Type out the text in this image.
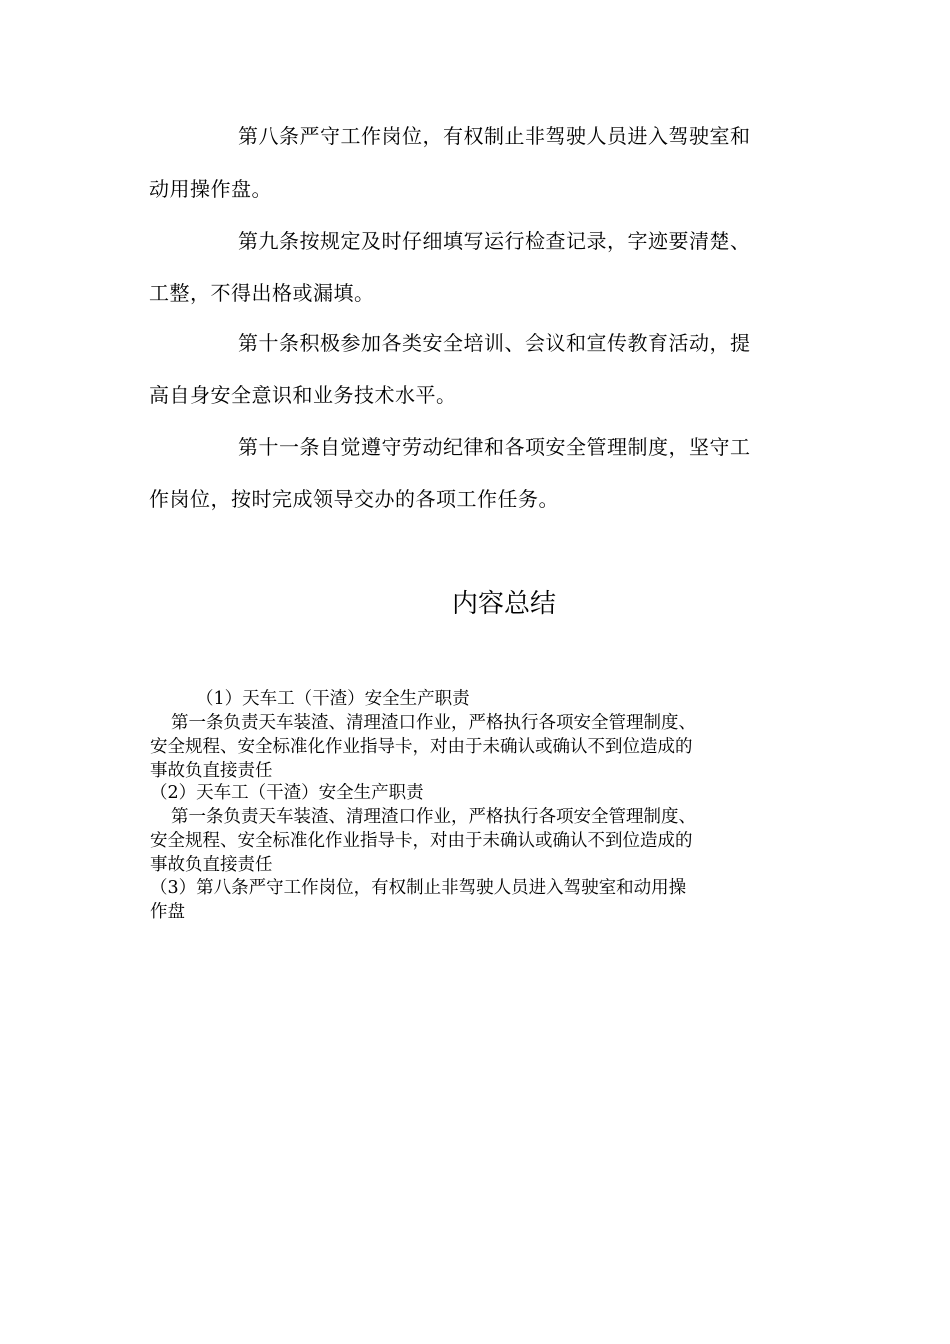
第八条严守工作岗位，有权制止非驾驶人员进入驾驶室和
动用操作盘。
第九条按规定及时仔细填写运行检查记录，字迹要清楚、
工整，不得出格或漏填。
第十条积极参加各类安全培训、会议和宣传教育活动，提
高自身安全意识和业务技术水平。
第十一条自觉遵守劳动纪律和各项安全管理制度，坚守工
作岗位，按时完成领导交办的各项工作任务。
内容总结
（1）天车工（干渣）安全生产职责
第一条负责天车装渣、清理渣口作业，严格执行各项安全管理制度、
安全规程、安全标准化作业指导卡，对由于未确认或确认不到位造成的
事故负直接责任
（2）天车工（干渣）安全生产职责
第一条负责天车装渣、清理渣口作业，严格执行各项安全管理制度、
安全规程、安全标准化作业指导卡，对由于未确认或确认不到位造成的
事故负直接责任
（3）第八条严守工作岗位，有权制止非驾驶人员进入驾驶室和动用操
作盘
